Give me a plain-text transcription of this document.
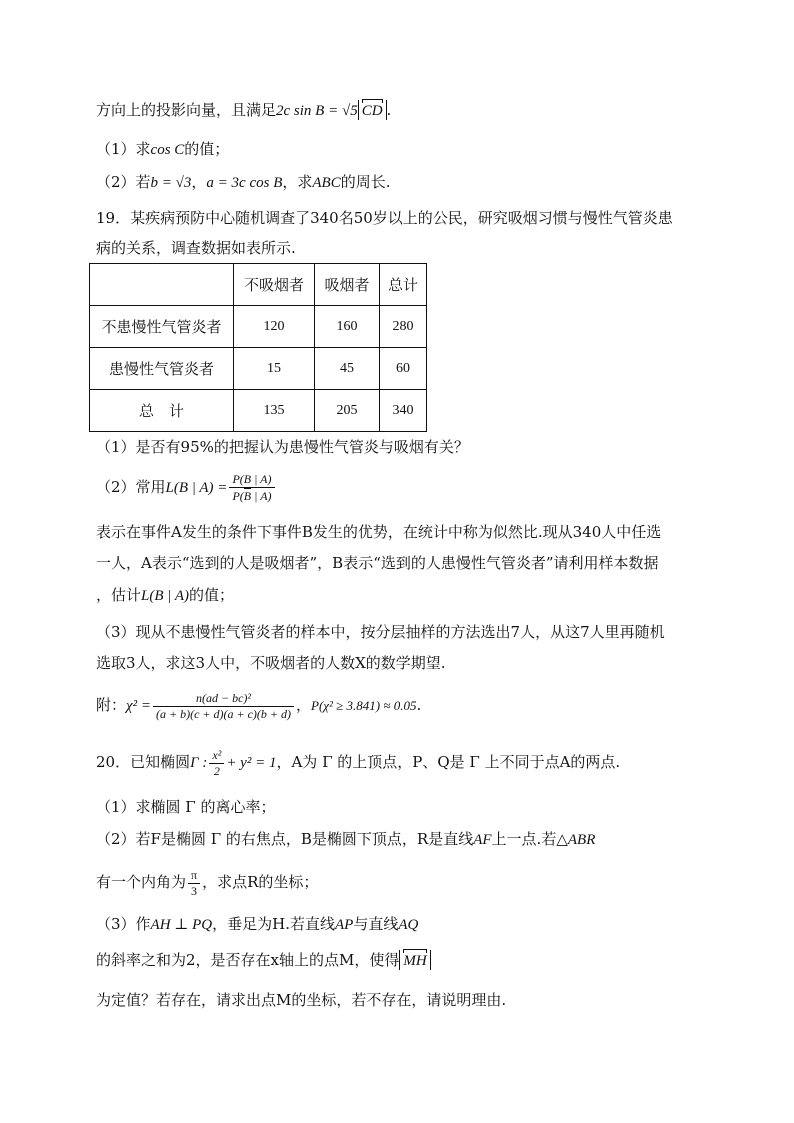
方向上的投影向量，且满足2c sin B = √5 CD .
（1）求cos C的值；
（2）若b = √3，a = 3c cos B，求ABC的周长.
19．某疾病预防中心随机调查了340名50岁以上的公民，研究吸烟习惯与慢性气管炎患
病的关系，调查数据如表所示.
	不吸烟者	吸烟者	总计
不患慢性气管炎者	120	160	280
患慢性气管炎者	15	45	60
总　计	135	205	340
（1）是否有95%的把握认为患慢性气管炎与吸烟有关？
（2）常用L(B | $A) = \frac{P(B | A)}{P(B | A)}$
表示在事件A发生的条件下事件B发生的优势，在统计中称为似然比.现从340人中任选
一人，A表示“选到的人是吸烟者”，B表示“选到的人患慢性气管炎者”请利用样本数据
，估计L(B | A)的值；
（3）现从不患慢性气管炎者的样本中，按分层抽样的方法选出7人，从这7人里再随机
选取3人，求这3人中，不吸烟者的人数X的数学期望.
附：$\chi^2 = \frac{\text{n(ad − bc)²}}{(a + b)(c + d)(a + c)(b + d)}$ ，P(χ² ≥ 3.841) ≈ 0.05.
20．已知椭圆Γ : $\frac{\text{x²}}{2} + y^2 = 1$，A为 Γ 的上顶点，P、Q是 Γ 上不同于点A的两点.
（1）求椭圆 Γ 的离心率；
（2）若F是椭圆 Γ 的右焦点，B是椭圆下顶点，R是直线AF上一点.若△ABR
有一个内角为 $\frac{\pi}{3}$ ，求点R的坐标；
（3）作AH ⊥ PQ，垂足为H.若直线AP与直线AQ
的斜率之和为2，是否存在x轴上的点M，使得 MH
为定值？若存在，请求出点M的坐标，若不存在，请说明理由.
